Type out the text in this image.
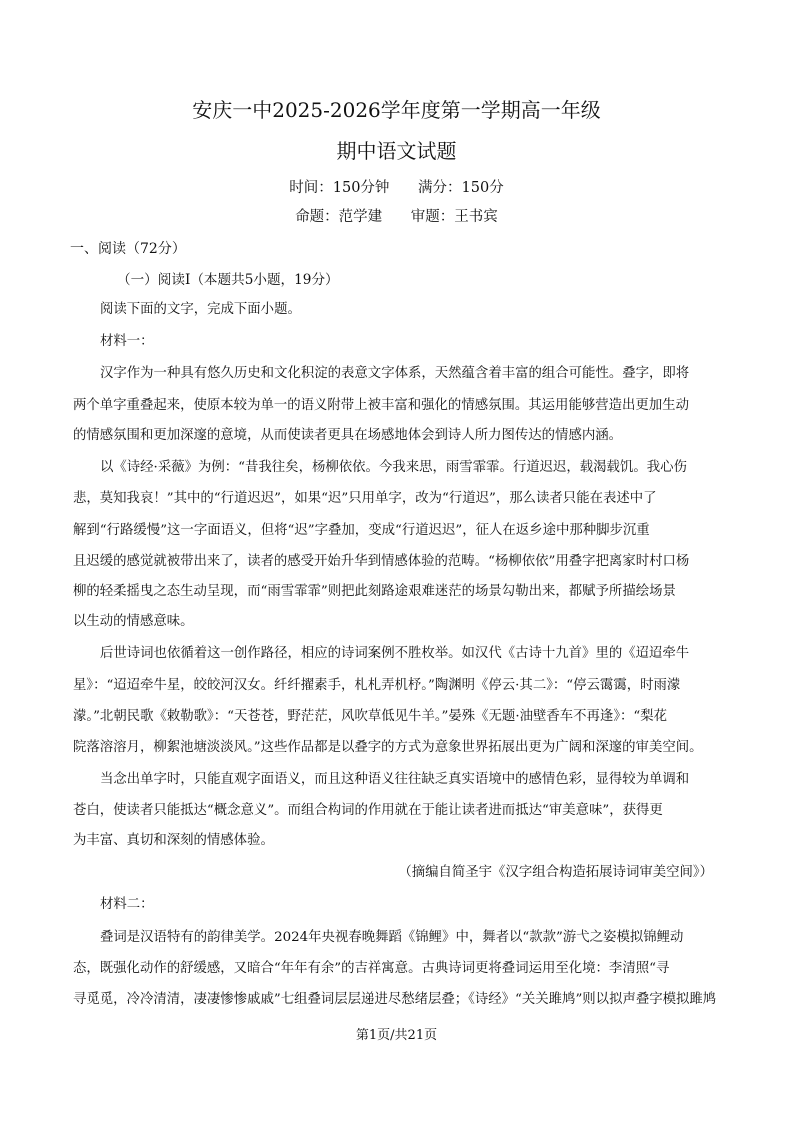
安庆一中2025-2026学年度第一学期高一年级
期中语文试题
时间：150分钟 满分：150分
命题：范学建 审题：王书宾
一、阅读（72分）
（一）阅读Ⅰ（本题共5小题，19分）
阅读下面的文字，完成下面小题。
材料一：
汉字作为一种具有悠久历史和文化积淀的表意文字体系，天然蕴含着丰富的组合可能性。叠字，即将
两个单字重叠起来，使原本较为单一的语义附带上被丰富和强化的情感氛围。其运用能够营造出更加生动
的情感氛围和更加深邃的意境，从而使读者更具在场感地体会到诗人所力图传达的情感内涵。
以《诗经·采薇》为例：“昔我往矣，杨柳依依。今我来思，雨雪霏霏。行道迟迟，载渴载饥。我心伤
悲，莫知我哀！”其中的“行道迟迟”，如果“迟”只用单字，改为“行道迟”，那么读者只能在表述中了
解到“行路缓慢”这一字面语义，但将“迟”字叠加，变成“行道迟迟”，征人在返乡途中那种脚步沉重
且迟缓的感觉就被带出来了，读者的感受开始升华到情感体验的范畴。“杨柳依依”用叠字把离家时村口杨
柳的轻柔摇曳之态生动呈现，而“雨雪霏霏”则把此刻路途艰难迷茫的场景勾勒出来，都赋予所描绘场景
以生动的情感意味。
后世诗词也依循着这一创作路径，相应的诗词案例不胜枚举。如汉代《古诗十九首》里的《迢迢牵牛
星》：“迢迢牵牛星，皎皎河汉女。纤纤擢素手，札札弄机杼。”陶渊明《停云·其二》：“停云霭霭，时雨濛
濛。”北朝民歌《敕勒歌》：“天苍苍，野茫茫，风吹草低见牛羊。”晏殊《无题·油壁香车不再逢》：“梨花
院落溶溶月，柳絮池塘淡淡风。”这些作品都是以叠字的方式为意象世界拓展出更为广阔和深邃的审美空间。
当念出单字时，只能直观字面语义，而且这种语义往往缺乏真实语境中的感情色彩，显得较为单调和
苍白，使读者只能抵达“概念意义”。而组合构词的作用就在于能让读者进而抵达“审美意味”，获得更
为丰富、真切和深刻的情感体验。
（摘编自简圣宇《汉字组合构造拓展诗词审美空间》）
材料二：
叠词是汉语特有的韵律美学。2024年央视春晚舞蹈《锦鲤》中，舞者以“款款”游弋之姿模拟锦鲤动
态，既强化动作的舒缓感，又暗合“年年有余”的吉祥寓意。古典诗词更将叠词运用至化境：李清照“寻
寻觅觅，冷冷清清，凄凄惨惨戚戚”七组叠词层层递进尽愁绪层叠；《诗经》“关关雎鸠”则以拟声叠字模拟雎鸠
第1页/共21页
